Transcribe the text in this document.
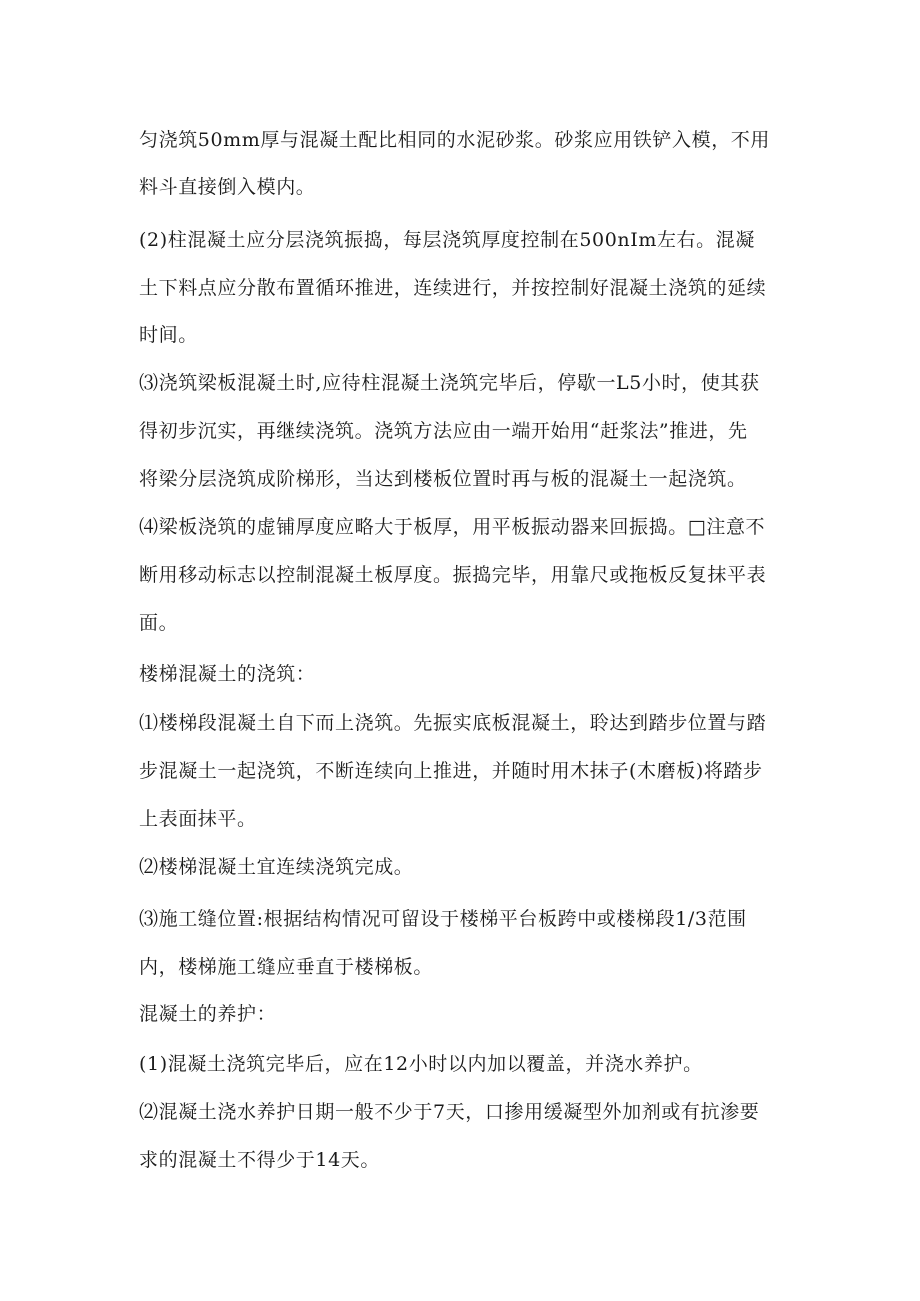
匀浇筑50mm厚与混凝土配比相同的水泥砂浆。砂浆应用铁铲入模，不用
料斗直接倒入模内。
(2)柱混凝土应分层浇筑振捣，每层浇筑厚度控制在500nIm左右。混凝
土下料点应分散布置循环推进，连续进行，并按控制好混凝土浇筑的延续
时间。
⑶浇筑梁板混凝土时,应待柱混凝土浇筑完毕后，停歇一L5小时，使其获
得初步沉实，再继续浇筑。浇筑方法应由一端开始用“赶浆法”推进，先
将梁分层浇筑成阶梯形，当达到楼板位置时再与板的混凝土一起浇筑。
⑷梁板浇筑的虚铺厚度应略大于板厚，用平板振动器来回振捣。□注意不
断用移动标志以控制混凝土板厚度。振捣完毕，用靠尺或拖板反复抹平表
面。
楼梯混凝土的浇筑：
⑴楼梯段混凝土自下而上浇筑。先振实底板混凝土，聆达到踏步位置与踏
步混凝土一起浇筑，不断连续向上推进，并随时用木抹子(木磨板)将踏步
上表面抹平。
⑵楼梯混凝土宜连续浇筑完成。
⑶施工缝位置:根据结构情况可留设于楼梯平台板跨中或楼梯段1/3范围
内，楼梯施工缝应垂直于楼梯板。
混凝土的养护：
(1)混凝土浇筑完毕后，应在12小时以内加以覆盖，并浇水养护。
⑵混凝土浇水养护日期一般不少于7天，口掺用缓凝型外加剂或有抗渗要
求的混凝土不得少于14天。
